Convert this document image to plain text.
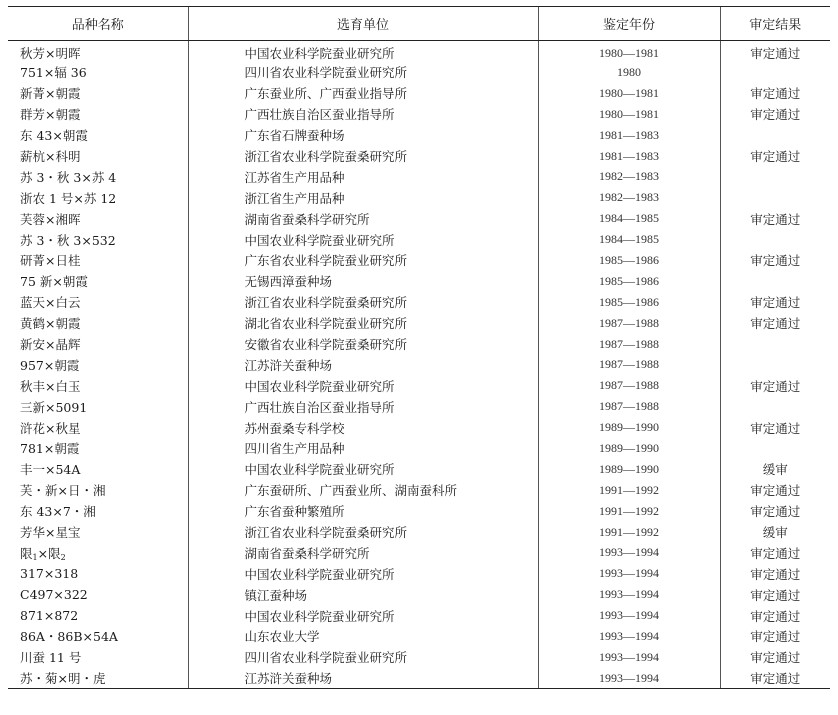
品种名称	选育单位	鉴定年份	审定结果
秋芳×明晖	中国农业科学院蚕业研究所	1980—1981	审定通过
751×辐 36	四川省农业科学院蚕业研究所	1980	
新菁×朝霞	广东蚕业所、广西蚕业指导所	1980—1981	审定通过
群芳×朝霞	广西壮族自治区蚕业指导所	1980—1981	审定通过
东 43×朝霞	广东省石牌蚕种场	1981—1983	
薪杭×科明	浙江省农业科学院蚕桑研究所	1981—1983	审定通过
苏 3・秋 3×苏 4	江苏省生产用品种	1982—1983	
浙农 1 号×苏 12	浙江省生产用品种	1982—1983	
芙蓉×湘晖	湖南省蚕桑科学研究所	1984—1985	审定通过
苏 3・秋 3×532	中国农业科学院蚕业研究所	1984—1985	
研菁×日桂	广东省农业科学院蚕业研究所	1985—1986	审定通过
75 新×朝霞	无锡西漳蚕种场	1985—1986	
蓝天×白云	浙江省农业科学院蚕桑研究所	1985—1986	审定通过
黄鹤×朝霞	湖北省农业科学院蚕业研究所	1987—1988	审定通过
新安×晶辉	安徽省农业科学院蚕桑研究所	1987—1988	
957×朝霞	江苏浒关蚕种场	1987—1988	
秋丰×白玉	中国农业科学院蚕业研究所	1987—1988	审定通过
三新×5091	广西壮族自治区蚕业指导所	1987—1988	
浒花×秋星	苏州蚕桑专科学校	1989—1990	审定通过
781×朝霞	四川省生产用品种	1989—1990	
丰一×54A	中国农业科学院蚕业研究所	1989—1990	缓审
芙・新×日・湘	广东蚕研所、广西蚕业所、湖南蚕科所	1991—1992	审定通过
东 43×7・湘	广东省蚕种繁殖所	1991—1992	审定通过
芳华×星宝	浙江省农业科学院蚕桑研究所	1991—1992	缓审
限$_1$×限$_2$	湖南省蚕桑科学研究所	1993—1994	审定通过
317×318	中国农业科学院蚕业研究所	1993—1994	审定通过
C497×322	镇江蚕种场	1993—1994	审定通过
871×872	中国农业科学院蚕业研究所	1993—1994	审定通过
86A・86B×54A	山东农业大学	1993—1994	审定通过
川蚕 11 号	四川省农业科学院蚕业研究所	1993—1994	审定通过
苏・菊×明・虎	江苏浒关蚕种场	1993—1994	审定通过
